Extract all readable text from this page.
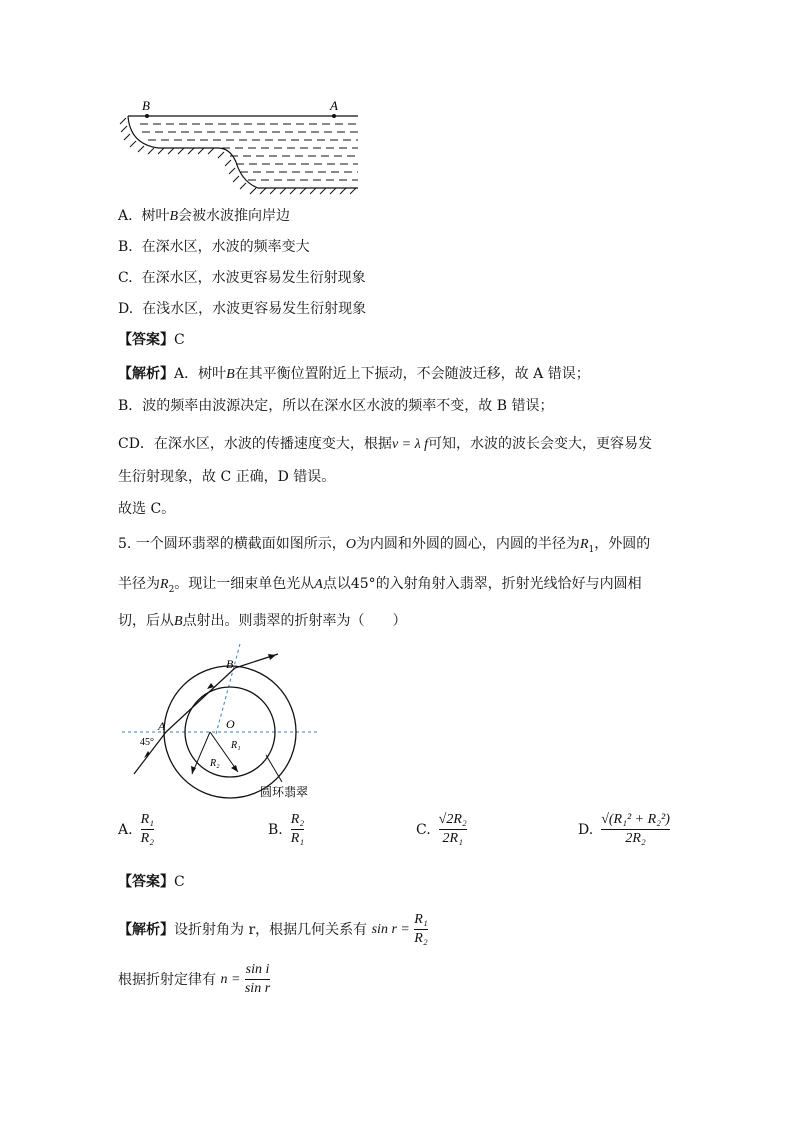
B	A
A. 树叶B会被水波推向岸边
B. 在深水区，水波的频率变大
C. 在深水区，水波更容易发生衍射现象
D. 在浅水区，水波更容易发生衍射现象
【答案】C
【解析】A．树叶B在其平衡位置附近上下振动，不会随波迁移，故 A 错误；
B．波的频率由波源决定，所以在深水区水波的频率不变，故 B 错误；
CD．在深水区，水波的传播速度变大，根据v = λ f可知，水波的波长会变大，更容易发
生衍射现象，故 C 正确，D 错误。
故选 C。
5. 一个圆环翡翠的横截面如图所示，O为内圆和外圆的圆心，内圆的半径为$R_1$，外圆的
半径为$R_2$。现让一细束单色光从A点以45°的入射角射入翡翠，折射光线恰好与内圆相
切，后从B点射出。则翡翠的折射率为（　　）
B
A	O
45°	R₁
R₂
圆环翡翠
A. $\frac{\text{R₁}}{\text{R₂}}$	B. $\frac{\text{R₂}}{\text{R₁}}$	C. $\frac{\text{√2R₂}}{\text{2R₁}}$	D. $\frac{\text{√(R₁² + R₂²)}}{\text{2R₂}}$
【答案】C
【解析】 设折射角为 r，根据几何关系有
sin r =
$\frac{\text{R₁}}{\text{R₂}}$
根据折射定律有
n =
$\frac{\text{sin i}}{\text{sin r}}$
